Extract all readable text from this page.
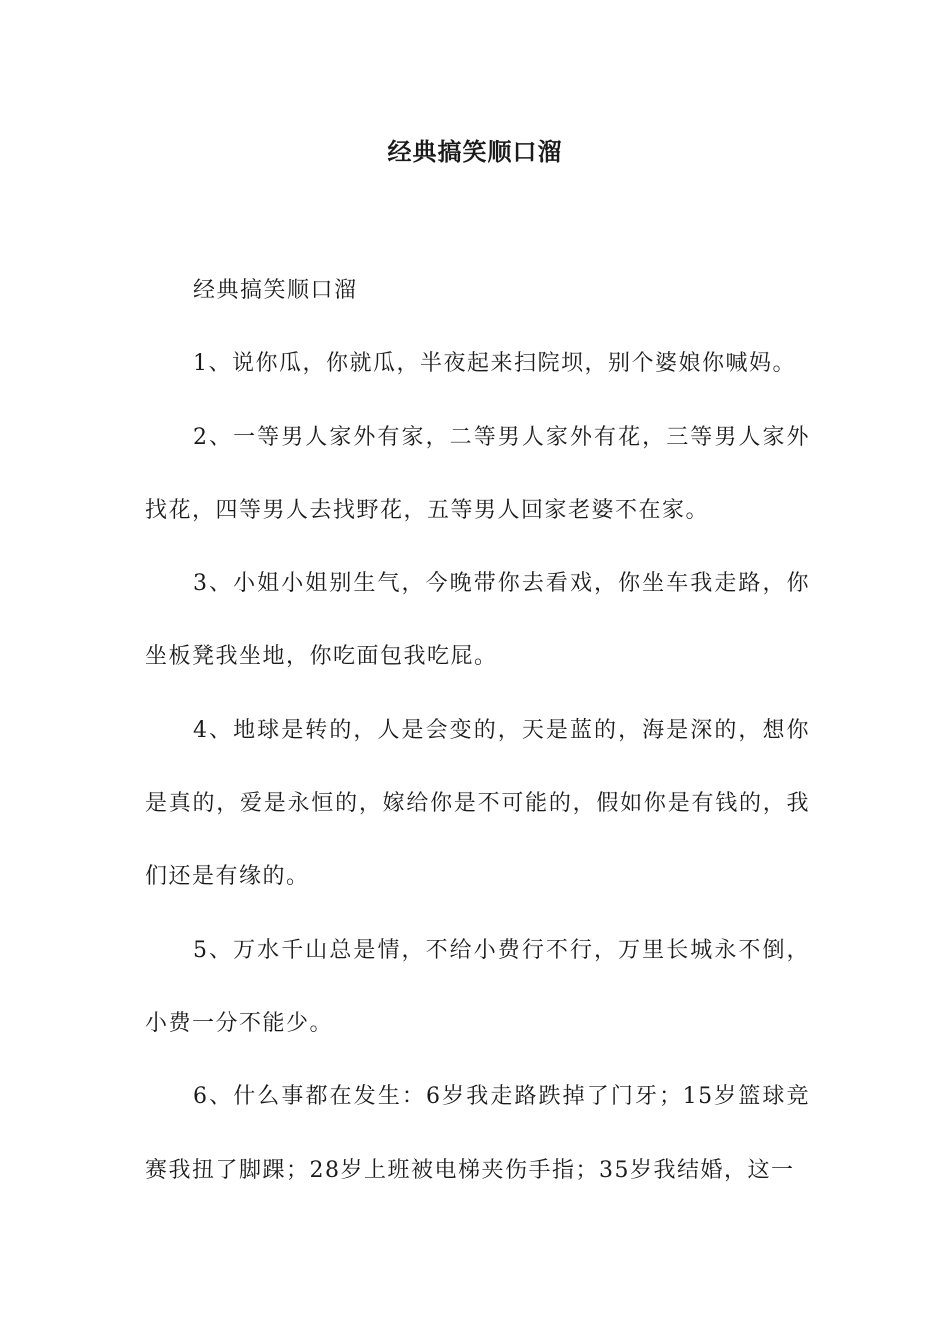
经典搞笑顺口溜

经典搞笑顺口溜

1、说你瓜，你就瓜，半夜起来扫院坝，别个婆娘你喊妈。

2、一等男人家外有家，二等男人家外有花，三等男人家外找花，四等男人去找野花，五等男人回家老婆不在家。

3、小姐小姐别生气，今晚带你去看戏，你坐车我走路，你坐板凳我坐地，你吃面包我吃屁。

4、地球是转的，人是会变的，天是蓝的，海是深的，想你是真的，爱是永恒的，嫁给你是不可能的，假如你是有钱的，我们还是有缘的。

5、万水千山总是情，不给小费行不行，万里长城永不倒，小费一分不能少。

6、什么事都在发生：6岁我走路跌掉了门牙；15岁篮球竞赛我扭了脚踝；28岁上班被电梯夹伤手指；35岁我结婚，这一
